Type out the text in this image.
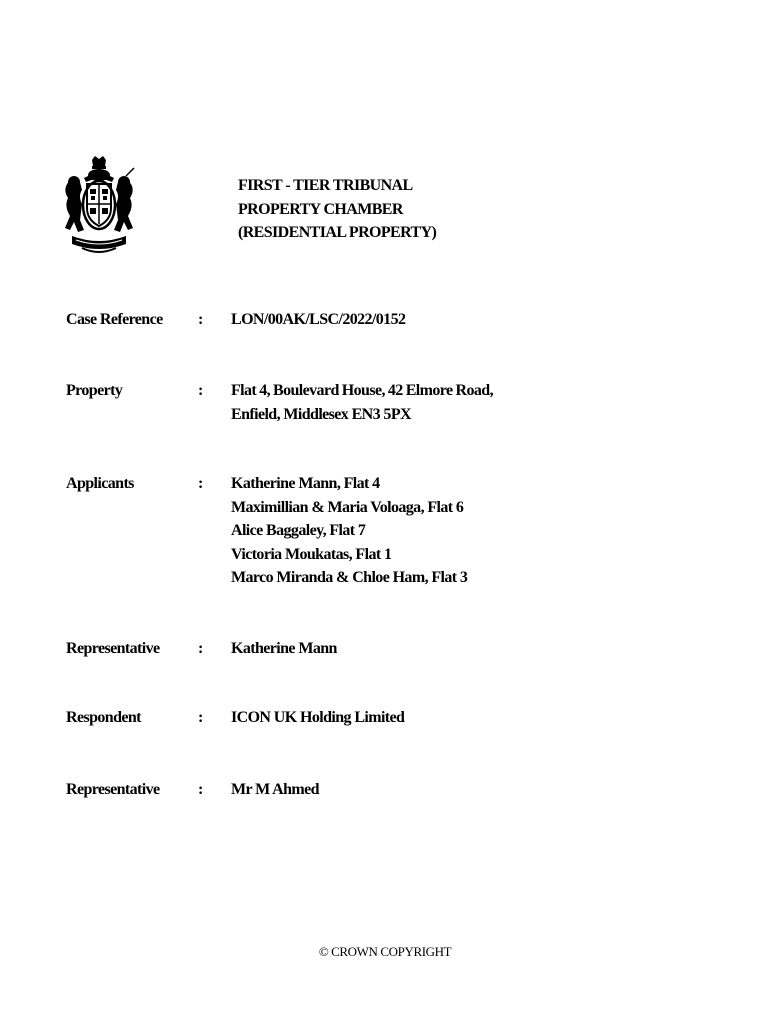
FIRST - TIER TRIBUNAL
PROPERTY CHAMBER
(RESIDENTIAL PROPERTY)
Case Reference : LON/00AK/LSC/2022/0152
Property	: Flat 4, Boulevard House, 42 Elmore Road,
Enfield, Middlesex EN3 5PX
Applicants	: Katherine Mann, Flat 4
Maximillian & Maria Voloaga, Flat 6
Alice Baggaley, Flat 7
Victoria Moukatas, Flat 1
Marco Miranda & Chloe Ham, Flat 3
Representative : Katherine Mann
Respondent	: ICON UK Holding Limited
Representative : Mr M Ahmed
© CROWN COPYRIGHT
